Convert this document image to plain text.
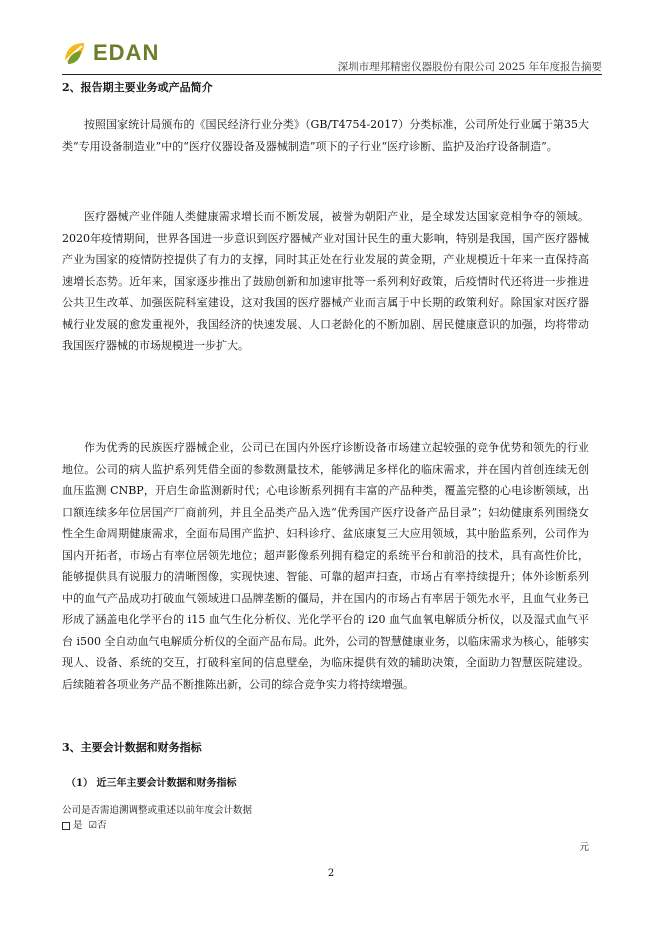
EDAN
深圳市理邦精密仪器股份有限公司 2025 年年度报告摘要
2、报告期主要业务或产品简介

按照国家统计局颁布的《国民经济行业分类》（GB/T4754-2017）分类标准，公司所处行业属于第35大类“专用设备制造业”中的“医疗仪器设备及器械制造”项下的子行业“医疗诊断、监护及治疗设备制造”。

医疗器械产业伴随人类健康需求增长而不断发展，被誉为朝阳产业，是全球发达国家竞相争夺的领域。2020年疫情期间，世界各国进一步意识到医疗器械产业对国计民生的重大影响，特别是我国，国产医疗器械产业为国家的疫情防控提供了有力的支撑，同时其正处在行业发展的黄金期，产业规模近十年来一直保持高速增长态势。近年来，国家逐步推出了鼓励创新和加速审批等一系列利好政策，后疫情时代还将进一步推进公共卫生改革、加强医院科室建设，这对我国的医疗器械产业而言属于中长期的政策利好。除国家对医疗器械行业发展的愈发重视外，我国经济的快速发展、人口老龄化的不断加剧、居民健康意识的加强，均将带动我国医疗器械的市场规模进一步扩大。

作为优秀的民族医疗器械企业，公司已在国内外医疗诊断设备市场建立起较强的竞争优势和领先的行业地位。公司的病人监护系列凭借全面的参数测量技术，能够满足多样化的临床需求，并在国内首创连续无创血压监测 CNBP，开启生命监测新时代；心电诊断系列拥有丰富的产品种类，覆盖完整的心电诊断领域，出口额连续多年位居国产厂商前列，并且全品类产品入选“优秀国产医疗设备产品目录”；妇幼健康系列围绕女性全生命周期健康需求，全面布局围产监护、妇科诊疗、盆底康复三大应用领域，其中胎监系列，公司作为国内开拓者，市场占有率位居领先地位；超声影像系列拥有稳定的系统平台和前沿的技术，具有高性价比，能够提供具有说服力的清晰图像，实现快速、智能、可靠的超声扫查，市场占有率持续提升；体外诊断系列中的血气产品成功打破血气领域进口品牌垄断的僵局，并在国内的市场占有率居于领先水平，且血气业务已形成了涵盖电化学平台的 i15 血气生化分析仪、光化学平台的 i20 血气血氧电解质分析仪，以及湿式血气平台 i500 全自动血气电解质分析仪的全面产品布局。此外，公司的智慧健康业务，以临床需求为核心，能够实现人、设备、系统的交互，打破科室间的信息壁垒，为临床提供有效的辅助决策，全面助力智慧医院建设。后续随着各项业务产品不断推陈出新，公司的综合竞争实力将持续增强。

3、主要会计数据和财务指标
（1） 近三年主要会计数据和财务指标
公司是否需追溯调整或重述以前年度会计数据
是 ☑否
元
2
